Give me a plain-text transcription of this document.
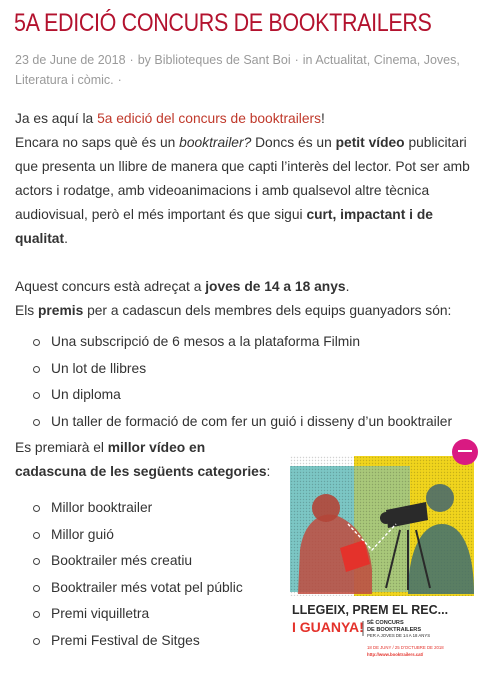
5A EDICIÓ CONCURS DE BOOKTRAILERS
23 de June de 2018 · by Biblioteques de Sant Boi · in Actualitat, Cinema, Joves,
Literatura i còmic. ·

Ja es aquí la 5a edició del concurs de booktrailers!

Encara no saps què és un booktrailer? Doncs és un petit vídeo publicitari que presenta un llibre de manera que capti l’interès del lector. Pot ser amb actors i rodatge, amb videoanimacions i amb qualsevol altre tècnica audiovisual, però el més important és que sigui curt, impactant i de qualitat.

Aquest concurs està adreçat a joves de 14 a 18 anys.

Els premis per a cadascun dels membres dels equips guanyadors són:

Una subscripció de 6 mesos a la plataforma Filmin
Un lot de llibres
Un diploma
Un taller de formació de com fer un guió i disseny d’un booktrailer

Es premiarà el millor vídeo en cadascuna de les següents categories:

Millor booktrailer
Millor guió
Booktrailer més creatiu
Booktrailer més votat pel públic
Premi viquilletra
Premi Festival de Sitges
LLEGEIX, PREM EL REC...
I GUANYA! 5È CONCURS
DE BOOKTRAILERS
PER A JOVES DE 14 A 18 ANYS
18 DE JUNY / 25 D'OCTUBRE DE 2018
http://www.booktrailers.cat/
